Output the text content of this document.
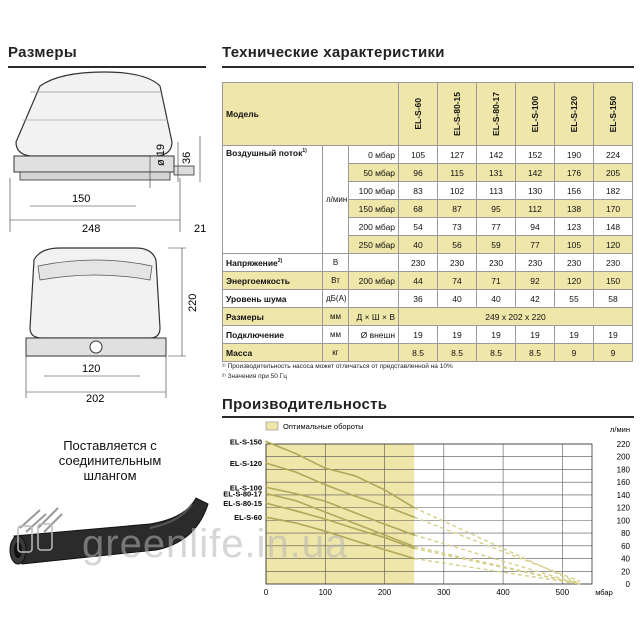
Размеры
ø 19 36
150
248	21
220
120
202
Поставляется с
соединительным
шлангом
Технические характеристики
Модель			EL-S-60	EL-S-80-15	EL-S-80-17	EL-S-100	EL-S-120	EL-S-150

Воздушный поток$^{1)}$	л/мин	0 мбар	105	127	142	152	190	224
		50 мбар	96	115	131	142	176	205
		100 мбар	83	102	113	130	156	182
		150 мбар	68	87	95	112	138	170
		200 мбар	54	73	77	94	123	148
		250 мбар	40	56	59	77	105	120
Напряжение$^{2)}$	В		230	230	230	230	230	230
Энергоемкость	Вт	200 мбар	44	74	71	92	120	150
Уровень шума	дБ(А)		36	40	40	42	55	58
Размеры	мм	Д × Ш × В	249 x 202 x 220					
Подключение	мм	Ø внешн	19	19	19	19	19	19
Масса	кг		8.5	8.5	8.5	8.5	9	9
¹⁾ Производительность насоса может отличаться от представленной на 10%
²⁾ Значения при 50 Гц
Производительность
0
20
40
60
80
100
120
140
160
180
200
220
0	100	200	300	400	500
л/мин
мбар
Оптимальные обороты
EL-S-150
EL-S-120
EL-S-100
EL-S-80-17
EL-S-80-15
EL-S-60
greenlife.in.ua
